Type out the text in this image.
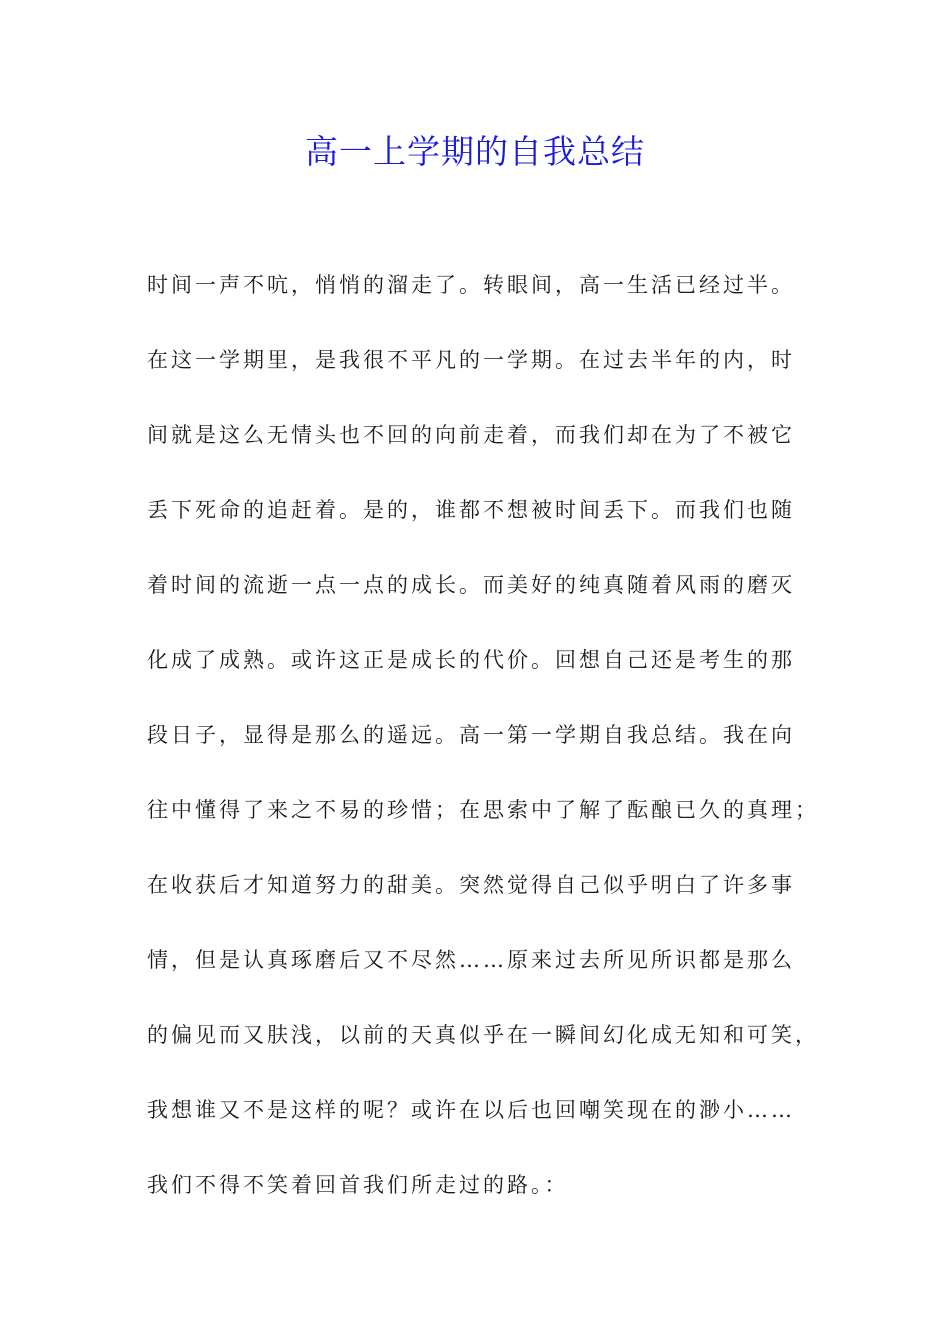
高一上学期的自我总结
时间一声不吭，悄悄的溜走了。转眼间，高一生活已经过半。
在这一学期里，是我很不平凡的一学期。在过去半年的内，时
间就是这么无情头也不回的向前走着，而我们却在为了不被它
丢下死命的追赶着。是的，谁都不想被时间丢下。而我们也随
着时间的流逝一点一点的成长。而美好的纯真随着风雨的磨灭
化成了成熟。或许这正是成长的代价。回想自己还是考生的那
段日子，显得是那么的遥远。高一第一学期自我总结。我在向
往中懂得了来之不易的珍惜；在思索中了解了酝酿已久的真理；
在收获后才知道努力的甜美。突然觉得自己似乎明白了许多事
情，但是认真琢磨后又不尽然……原来过去所见所识都是那么
的偏见而又肤浅，以前的天真似乎在一瞬间幻化成无知和可笑，
我想谁又不是这样的呢？或许在以后也回嘲笑现在的渺小……
我们不得不笑着回首我们所走过的路。：
